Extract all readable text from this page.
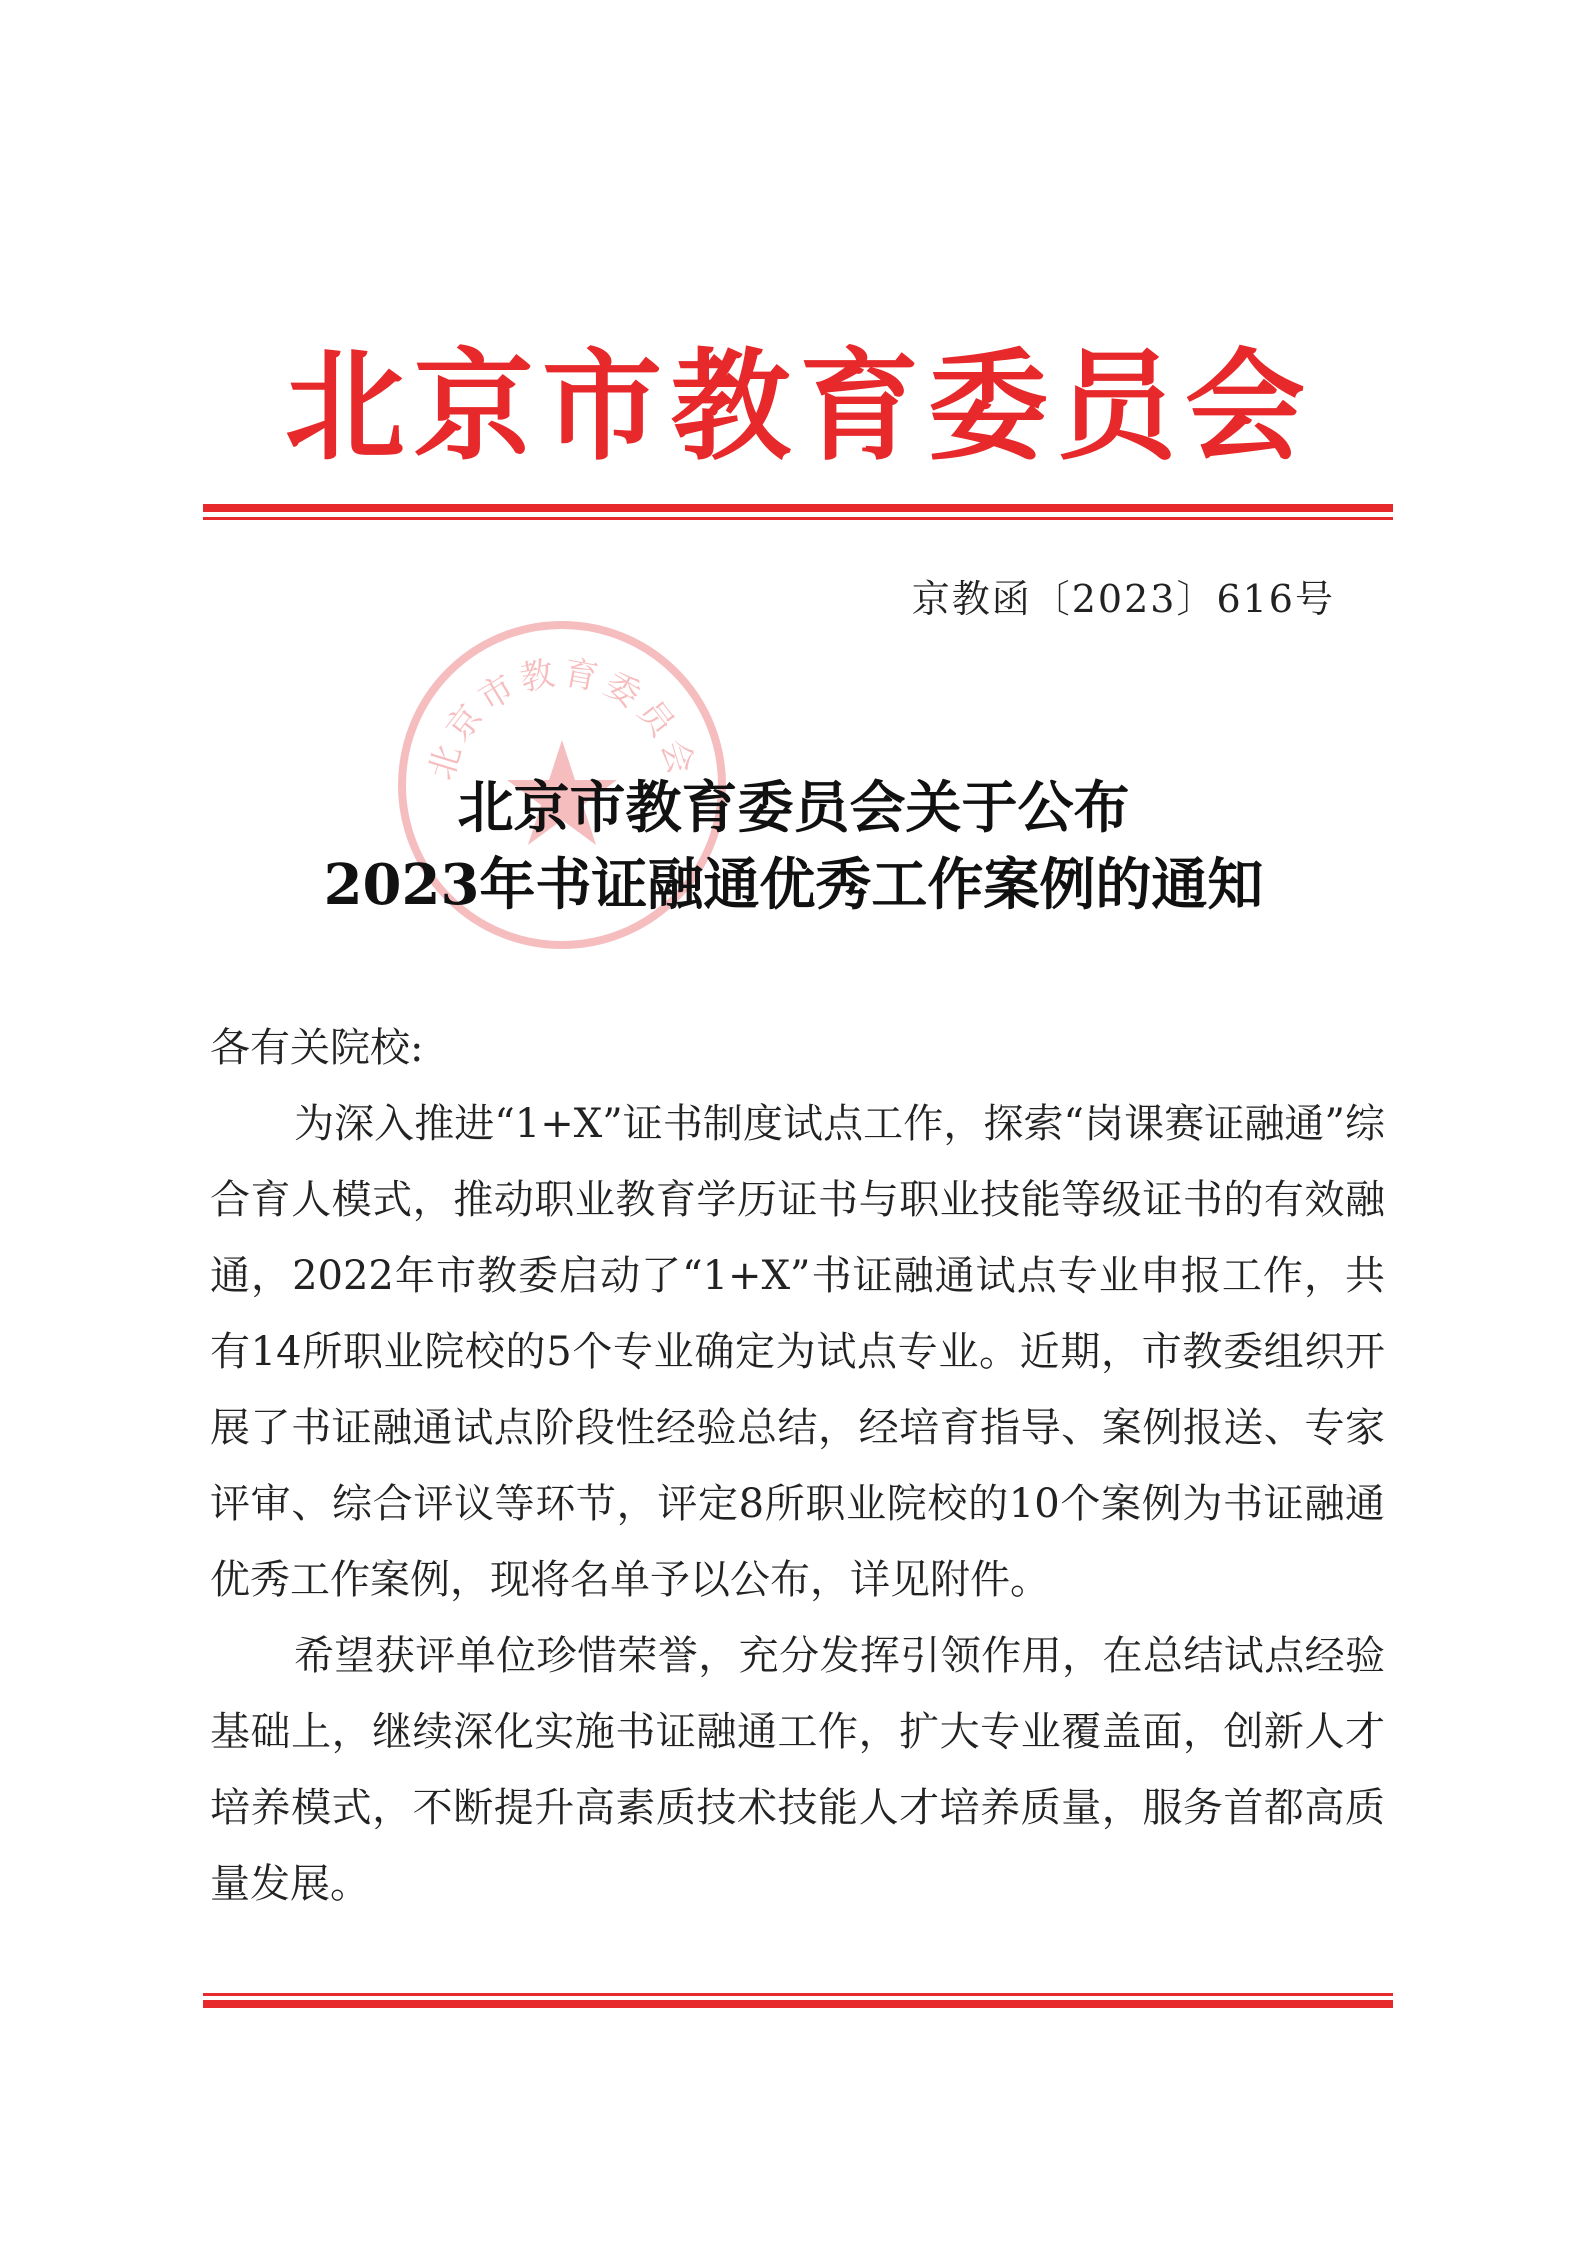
北 京 市 教 育 委 员 会
京教函〔2023〕616号
北京市教育委员会
北京市教育委员会关于公布
2023年书证融通优秀工作案例的通知

各有关院校:

为深入推进“1+X”证书制度试点工作，探索“岗课赛证融通”综合育人模式，推动职业教育学历证书与职业技能等级证书的有效融通，2022年市教委启动了“1+X”书证融通试点专业申报工作，共有14所职业院校的5个专业确定为试点专业。近期，市教委组织开展了书证融通试点阶段性经验总结，经培育指导、案例报送、专家评审、综合评议等环节，评定8所职业院校的10个案例为书证融通优秀工作案例，现将名单予以公布，详见附件。

希望获评单位珍惜荣誉，充分发挥引领作用，在总结试点经验基础上，继续深化实施书证融通工作，扩大专业覆盖面，创新人才培养模式，不断提升高素质技术技能人才培养质量，服务首都高质量发展。
